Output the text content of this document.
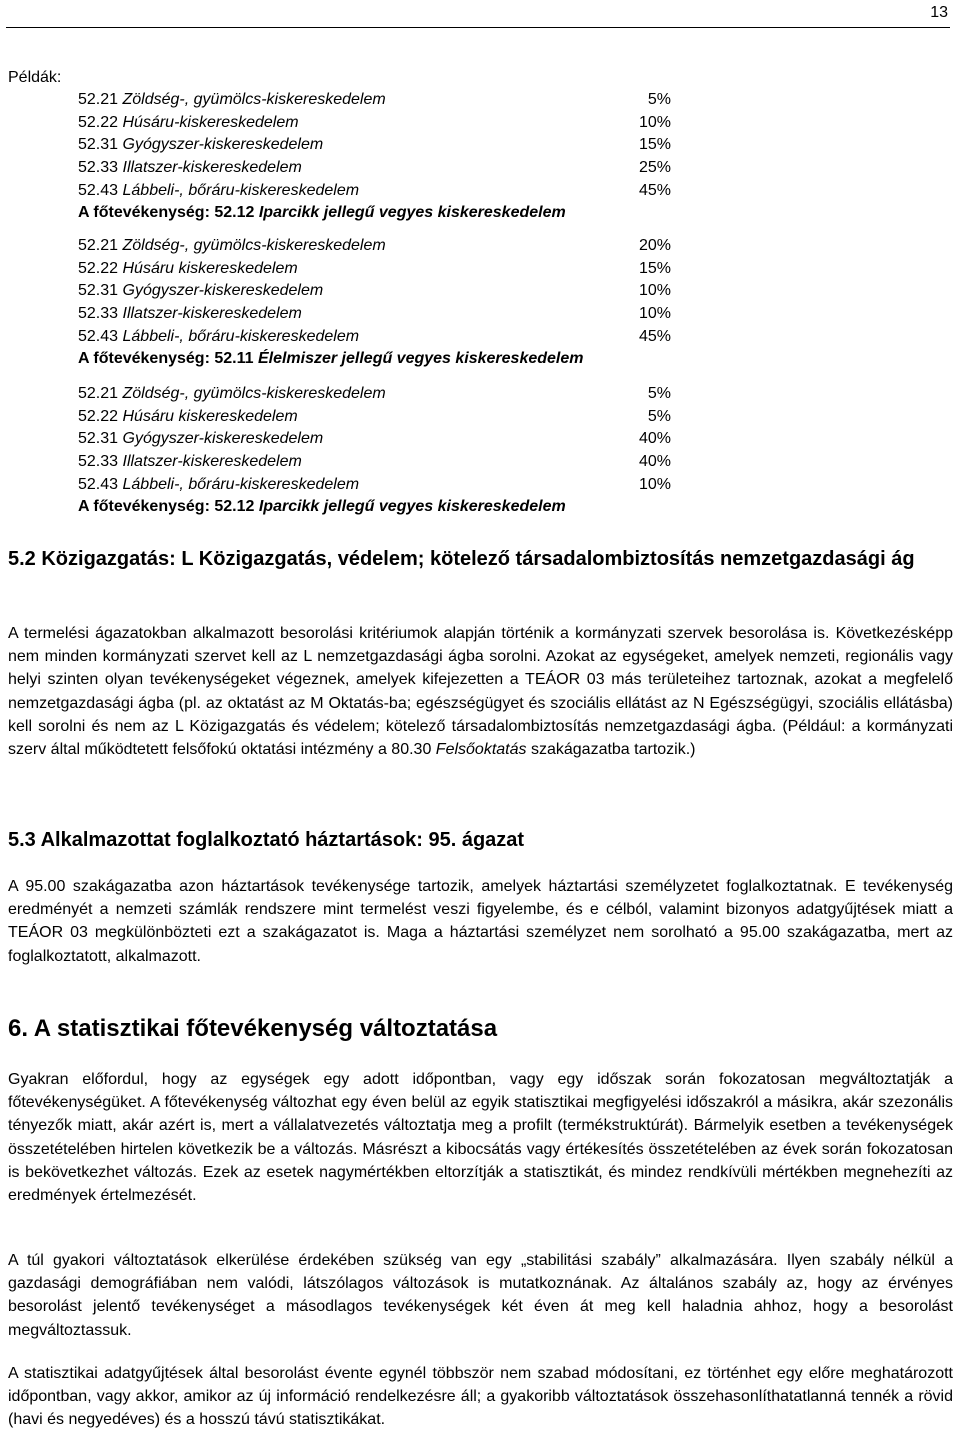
13
Példák:
52.21 Zöldség-, gyümölcs-kiskereskedelem	5%
52.22 Húsáru-kiskereskedelem	10%
52.31 Gyógyszer-kiskereskedelem	15%
52.33 Illatszer-kiskereskedelem	25%
52.43 Lábbeli-, bőráru-kiskereskedelem	45%
A főtevékenység: 52.12 Iparcikk jellegű vegyes kiskereskedelem
52.21 Zöldség-, gyümölcs-kiskereskedelem	20%
52.22 Húsáru kiskereskedelem	15%
52.31 Gyógyszer-kiskereskedelem	10%
52.33 Illatszer-kiskereskedelem	10%
52.43 Lábbeli-, bőráru-kiskereskedelem	45%
A főtevékenység: 52.11 Élelmiszer jellegű vegyes kiskereskedelem
52.21 Zöldség-, gyümölcs-kiskereskedelem	5%
52.22 Húsáru kiskereskedelem	5%
52.31 Gyógyszer-kiskereskedelem	40%
52.33 Illatszer-kiskereskedelem	40%
52.43 Lábbeli-, bőráru-kiskereskedelem	10%
A főtevékenység: 52.12 Iparcikk jellegű vegyes kiskereskedelem
5.2 Közigazgatás: L Közigazgatás, védelem; kötelező társadalombiztosítás nemzetgazdasági ág

A termelési ágazatokban alkalmazott besorolási kritériumok alapján történik a kormányzati szervek besorolása is. Következésképp nem minden kormányzati szervet kell az L nemzetgazdasági ágba sorolni. Azokat az egységeket, amelyek nemzeti, regionális vagy helyi szinten olyan tevékenységeket végeznek, amelyek kifejezetten a TEÁOR 03 más területeihez tartoznak, azokat a megfelelő nemzetgazdasági ágba (pl. az oktatást az M Oktatás-ba; egészségügyet és szociális ellátást az N Egészségügyi, szociális ellátásba) kell sorolni és nem az L Közigazgatás és védelem; kötelező társadalombiztosítás nemzetgazdasági ágba. (Például: a kormányzati szerv által működtetett felsőfokú oktatási intézmény a 80.30 Felsőoktatás szakágazatba tartozik.)

5.3 Alkalmazottat foglalkoztató háztartások: 95. ágazat

A 95.00 szakágazatba azon háztartások tevékenysége tartozik, amelyek háztartási személyzetet foglalkoztatnak. E tevékenység eredményét a nemzeti számlák rendszere mint termelést veszi figyelembe, és e célból, valamint bizonyos adatgyűjtések miatt a TEÁOR 03 megkülönbözteti ezt a szakágazatot is. Maga a háztartási személyzet nem sorolható a 95.00 szakágazatba, mert az foglalkoztatott, alkalmazott.

6. A statisztikai főtevékenység változtatása

Gyakran előfordul, hogy az egységek egy adott időpontban, vagy egy időszak során fokozatosan megváltoztatják a főtevékenységüket. A főtevékenység változhat egy éven belül az egyik statisztikai megfigyelési időszakról a másikra, akár szezonális tényezők miatt, akár azért is, mert a vállalatvezetés változtatja meg a profilt (termékstruktúrát). Bármelyik esetben a tevékenységek összetételében hirtelen következik be a változás. Másrészt a kibocsátás vagy értékesítés összetételében az évek során fokozatosan is bekövetkezhet változás. Ezek az esetek nagymértékben eltorzítják a statisztikát, és mindez rendkívüli mértékben megnehezíti az eredmények értelmezését.

A túl gyakori változtatások elkerülése érdekében szükség van egy „stabilitási szabály” alkalmazására. Ilyen szabály nélkül a gazdasági demográfiában nem valódi, látszólagos változások is mutatkoznának. Az általános szabály az, hogy az érvényes besorolást jelentő tevékenységet a másodlagos tevékenységek két éven át meg kell haladnia ahhoz, hogy a besorolást megváltoztassuk.

A statisztikai adatgyűjtések által besorolást évente egynél többször nem szabad módosítani, ez történhet egy előre meghatározott időpontban, vagy akkor, amikor az új információ rendelkezésre áll; a gyakoribb változtatások összehasonlíthatatlanná tennék a rövid (havi és negyedéves) és a hosszú távú statisztikákat.
